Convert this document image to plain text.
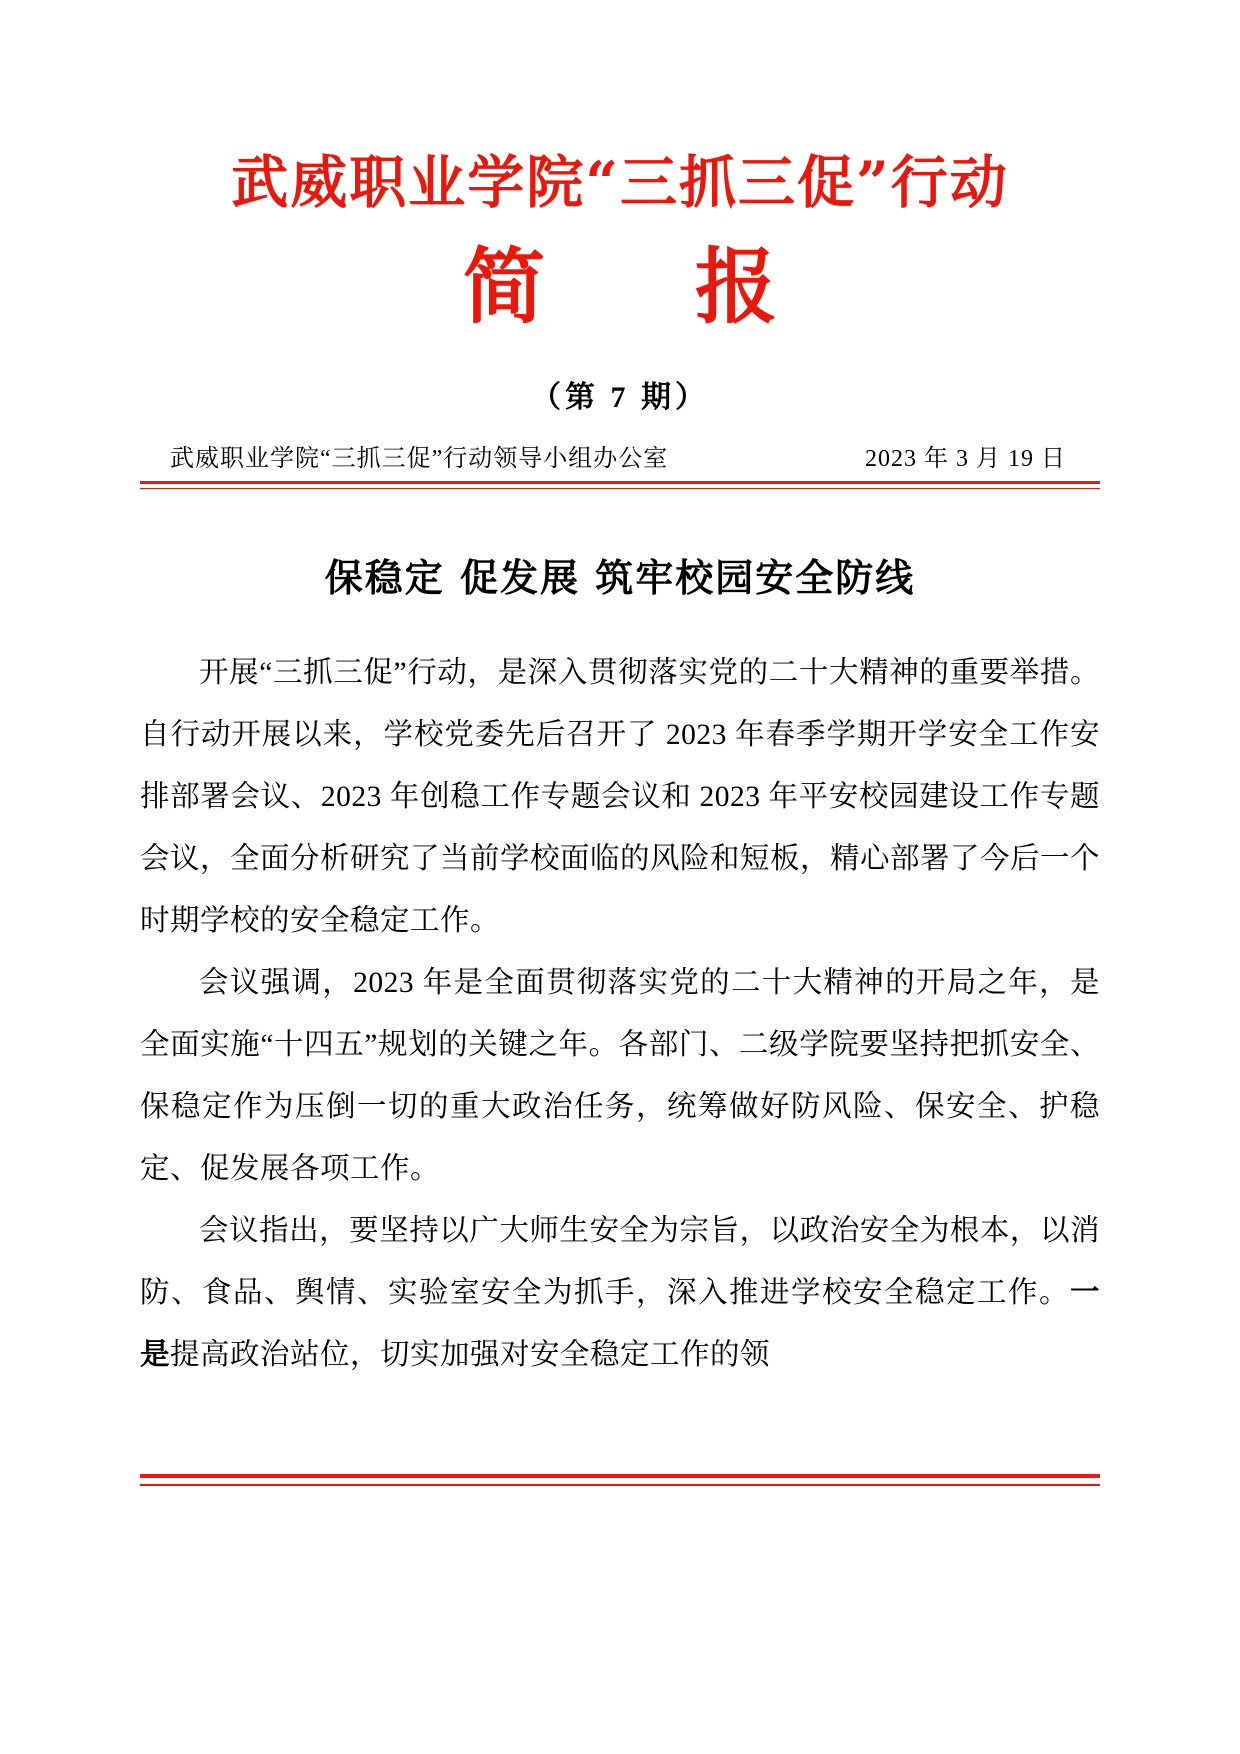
武威职业学院“三抓三促”行动
简　报
（第 7 期）
武威职业学院“三抓三促”行动领导小组办公室	2023 年 3 月 19 日
保稳定 促发展 筑牢校园安全防线

开展“三抓三促”行动，是深入贯彻落实党的二十大精神的重要举措。自行动开展以来，学校党委先后召开了 2023 年春季学期开学安全工作安排部署会议、2023 年创稳工作专题会议和 2023 年平安校园建设工作专题会议，全面分析研究了当前学校面临的风险和短板，精心部署了今后一个时期学校的安全稳定工作。

会议强调，2023 年是全面贯彻落实党的二十大精神的开局之年，是全面实施“十四五”规划的关键之年。各部门、二级学院要坚持把抓安全、保稳定作为压倒一切的重大政治任务，统筹做好防风险、保安全、护稳定、促发展各项工作。

会议指出，要坚持以广大师生安全为宗旨，以政治安全为根本，以消防、食品、舆情、实验室安全为抓手，深入推进学校安全稳定工作。一是提高政治站位，切实加强对安全稳定工作的领
